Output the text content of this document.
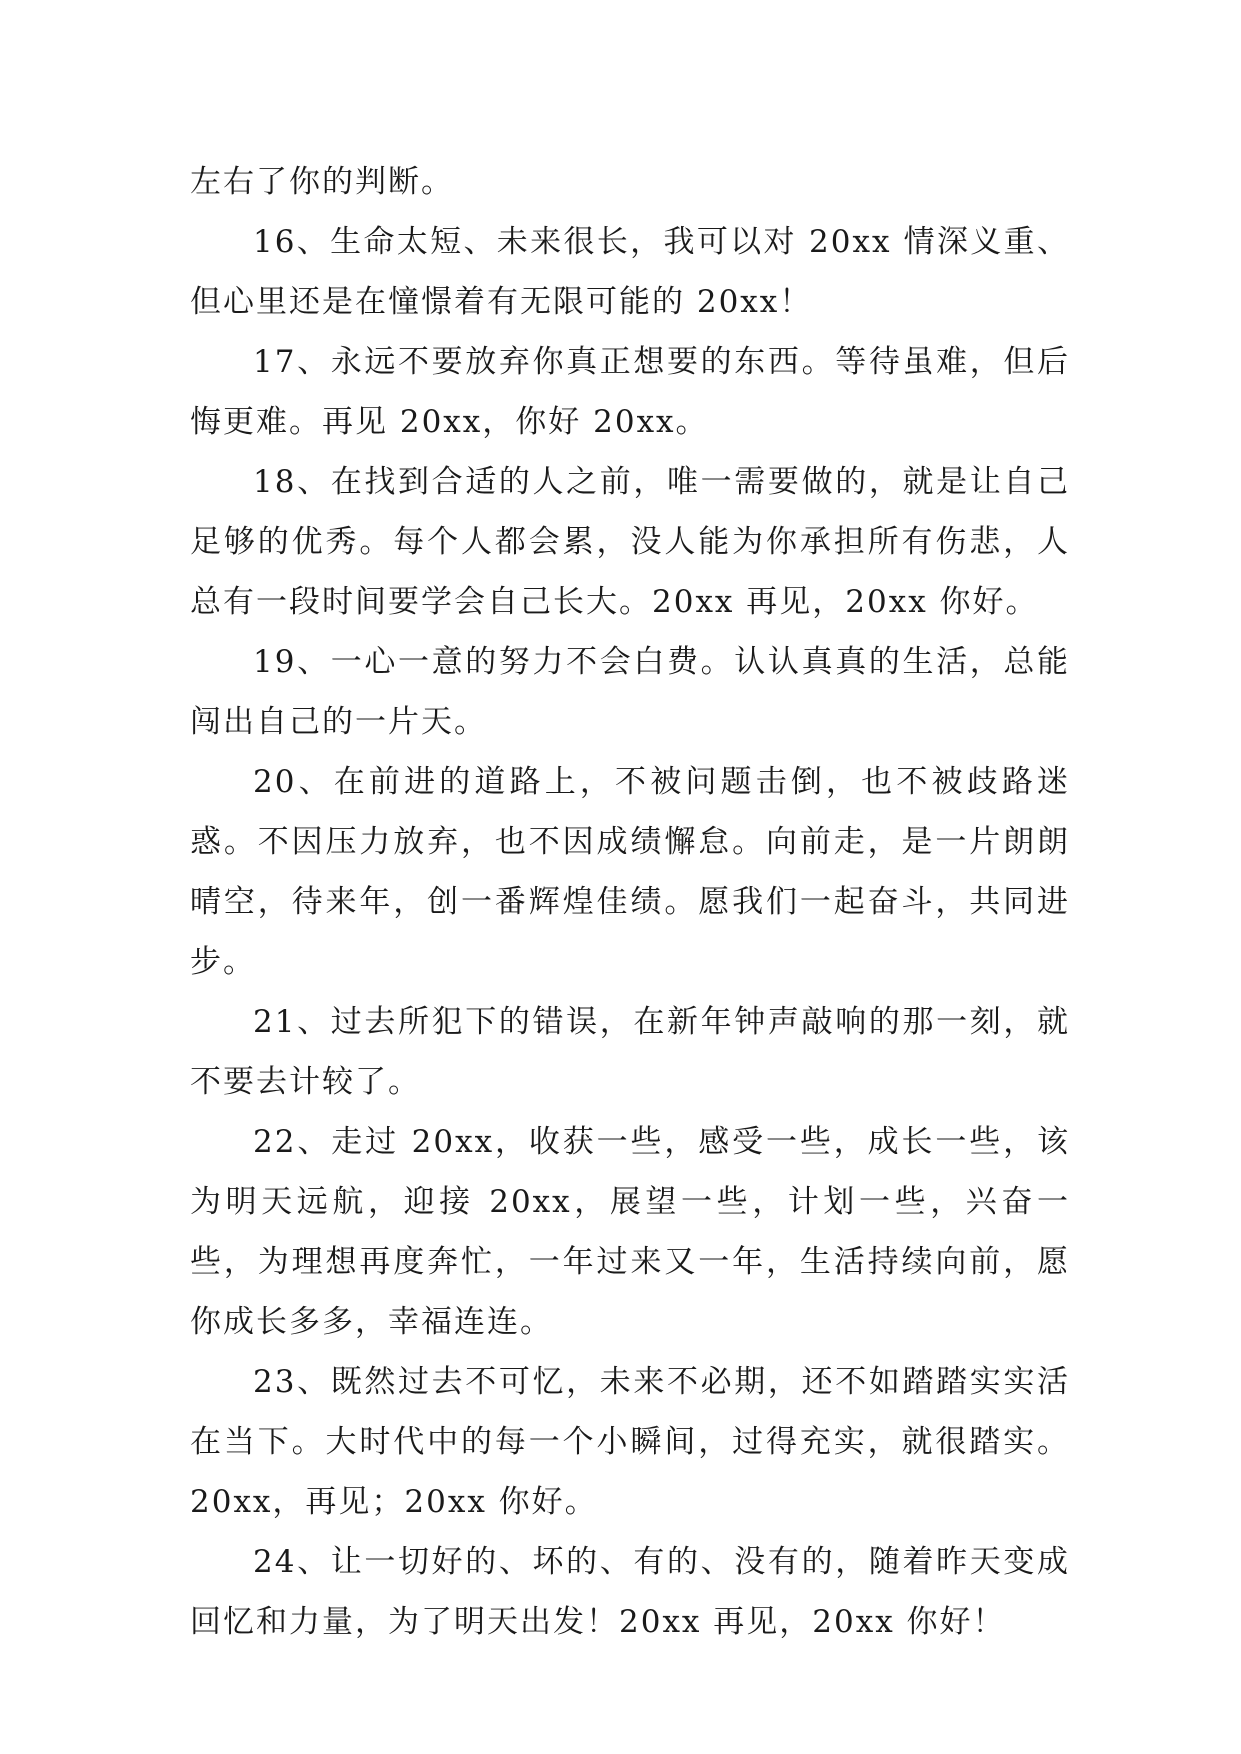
左右了你的判断。

16、生命太短、未来很长，我可以对 20xx 情深义重、但心里还是在憧憬着有无限可能的 20xx！

17、永远不要放弃你真正想要的东西。等待虽难，但后悔更难。再见 20xx，你好 20xx。

18、在找到合适的人之前，唯一需要做的，就是让自己足够的优秀。每个人都会累，没人能为你承担所有伤悲，人总有一段时间要学会自己长大。20xx 再见，20xx 你好。

19、一心一意的努力不会白费。认认真真的生活，总能闯出自己的一片天。

20、在前进的道路上，不被问题击倒，也不被歧路迷惑。不因压力放弃，也不因成绩懈怠。向前走，是一片朗朗晴空，待来年，创一番辉煌佳绩。愿我们一起奋斗，共同进步。

21、过去所犯下的错误，在新年钟声敲响的那一刻，就不要去计较了。

22、走过 20xx，收获一些，感受一些，成长一些，该为明天远航，迎接 20xx，展望一些，计划一些，兴奋一些，为理想再度奔忙，一年过来又一年，生活持续向前，愿你成长多多，幸福连连。

23、既然过去不可忆，未来不必期，还不如踏踏实实活在当下。大时代中的每一个小瞬间，过得充实，就很踏实。20xx，再见；20xx 你好。

24、让一切好的、坏的、有的、没有的，随着昨天变成回忆和力量，为了明天出发！20xx 再见，20xx 你好！
